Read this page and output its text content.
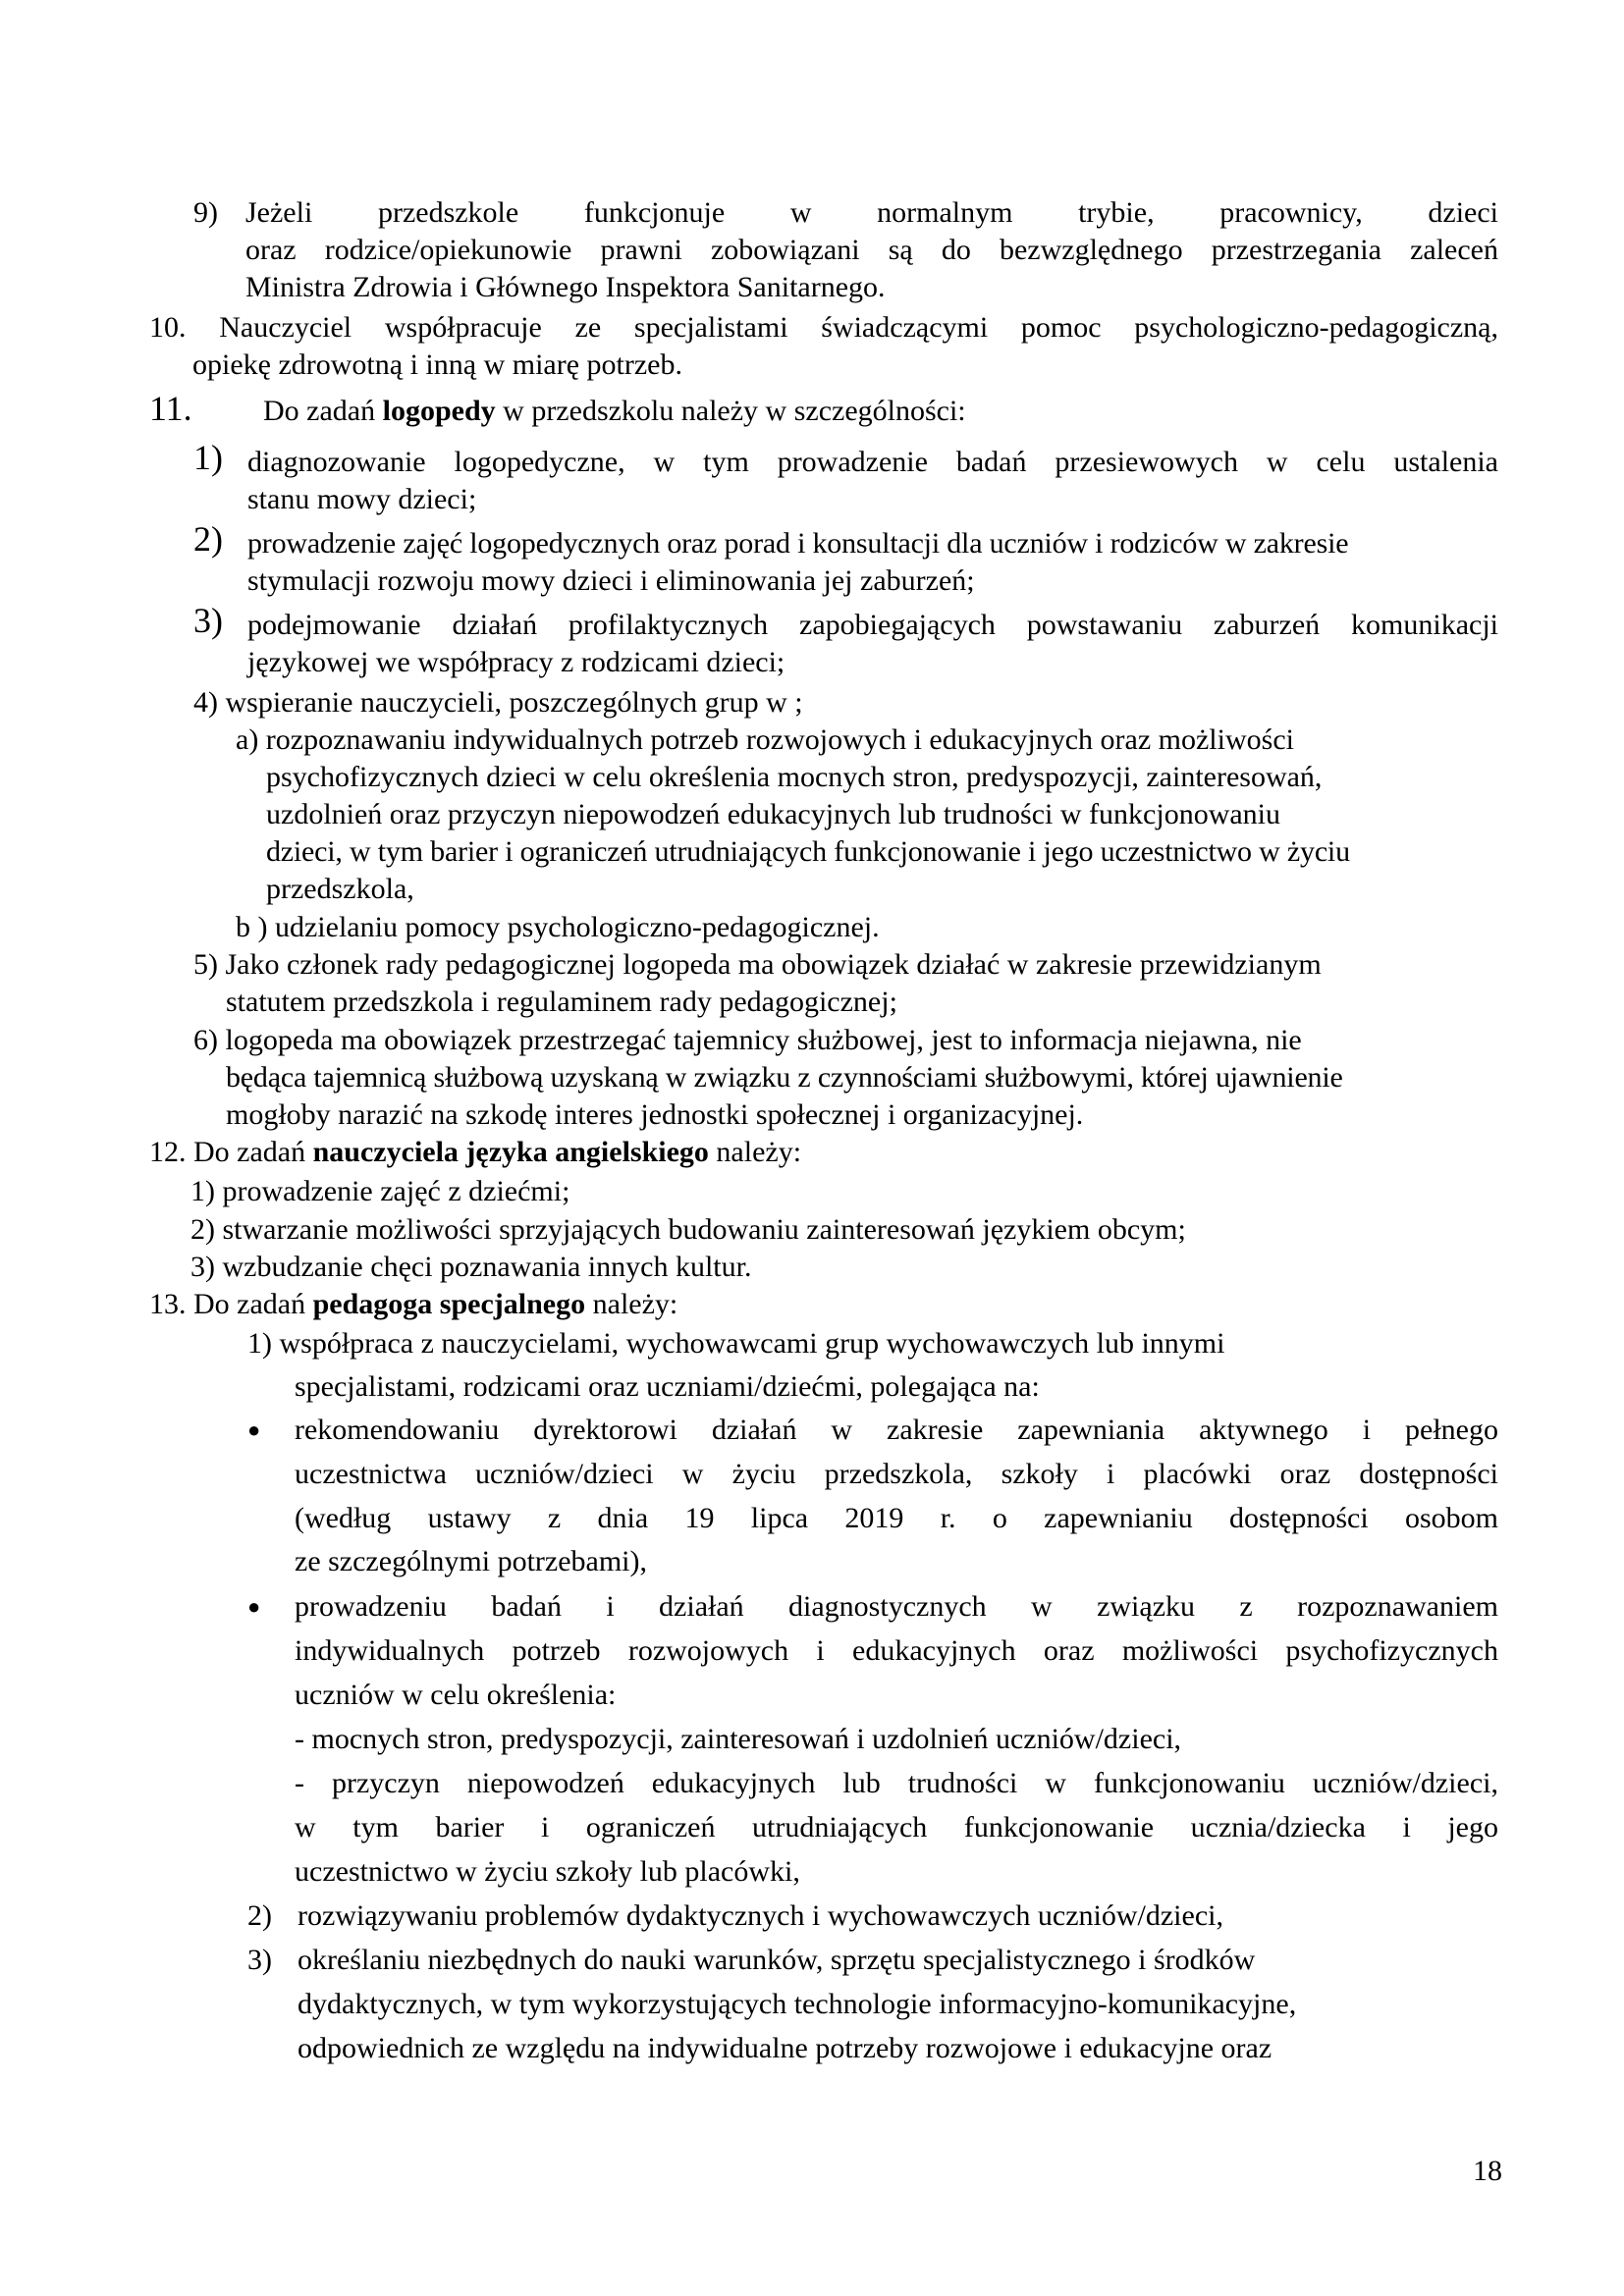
9) Jeżeli przedszkole funkcjonuje w normalnym trybie, pracownicy, dzieci
oraz rodzice/opiekunowie prawni zobowiązani są do bezwzględnego przestrzegania zaleceń
Ministra Zdrowia i Głównego Inspektora Sanitarnego.
10. Nauczyciel współpracuje ze specjalistami świadczącymi pomoc psychologiczno-pedagogiczną,
opiekę zdrowotną i inną w miarę potrzeb.
11. Do zadań logopedy w przedszkolu należy w szczególności:
1) diagnozowanie logopedyczne, w tym prowadzenie badań przesiewowych w celu ustalenia
stanu mowy dzieci;
2) prowadzenie zajęć logopedycznych oraz porad i konsultacji dla uczniów i rodziców w zakresie
stymulacji rozwoju mowy dzieci i eliminowania jej zaburzeń;
3) podejmowanie działań profilaktycznych zapobiegających powstawaniu zaburzeń komunikacji
językowej we współpracy z rodzicami dzieci;
4) wspieranie nauczycieli, poszczególnych grup w ;
a) rozpoznawaniu indywidualnych potrzeb rozwojowych i edukacyjnych oraz możliwości
psychofizycznych dzieci w celu określenia mocnych stron, predyspozycji, zainteresowań,
uzdolnień oraz przyczyn niepowodzeń edukacyjnych lub trudności w funkcjonowaniu
dzieci, w tym barier i ograniczeń utrudniających funkcjonowanie i jego uczestnictwo w życiu
przedszkola,
b ) udzielaniu pomocy psychologiczno-pedagogicznej.
5) Jako członek rady pedagogicznej logopeda ma obowiązek działać w zakresie przewidzianym
statutem przedszkola i regulaminem rady pedagogicznej;
6) logopeda ma obowiązek przestrzegać tajemnicy służbowej, jest to informacja niejawna, nie
będąca tajemnicą służbową uzyskaną w związku z czynnościami służbowymi, której ujawnienie
mogłoby narazić na szkodę interes jednostki społecznej i organizacyjnej.
12. Do zadań nauczyciela języka angielskiego należy:
1) prowadzenie zajęć z dziećmi;
2) stwarzanie możliwości sprzyjających budowaniu zainteresowań językiem obcym;
3) wzbudzanie chęci poznawania innych kultur.
13. Do zadań pedagoga specjalnego należy:
1) współpraca z nauczycielami, wychowawcami grup wychowawczych lub innymi
specjalistami, rodzicami oraz uczniami/dziećmi, polegająca na:
● rekomendowaniu dyrektorowi działań w zakresie zapewniania aktywnego i pełnego
uczestnictwa uczniów/dzieci w życiu przedszkola, szkoły i placówki oraz dostępności
(według ustawy z dnia 19 lipca 2019 r. o zapewnianiu dostępności osobom
ze szczególnymi potrzebami),
● prowadzeniu badań i działań diagnostycznych w związku z rozpoznawaniem
indywidualnych potrzeb rozwojowych i edukacyjnych oraz możliwości psychofizycznych
uczniów w celu określenia:
- mocnych stron, predyspozycji, zainteresowań i uzdolnień uczniów/dzieci,
- przyczyn niepowodzeń edukacyjnych lub trudności w funkcjonowaniu uczniów/dzieci,
w tym barier i ograniczeń utrudniających funkcjonowanie ucznia/dziecka i jego
uczestnictwo w życiu szkoły lub placówki,
2) rozwiązywaniu problemów dydaktycznych i wychowawczych uczniów/dzieci,
3) określaniu niezbędnych do nauki warunków, sprzętu specjalistycznego i środków
dydaktycznych, w tym wykorzystujących technologie informacyjno-komunikacyjne,
odpowiednich ze względu na indywidualne potrzeby rozwojowe i edukacyjne oraz
18
